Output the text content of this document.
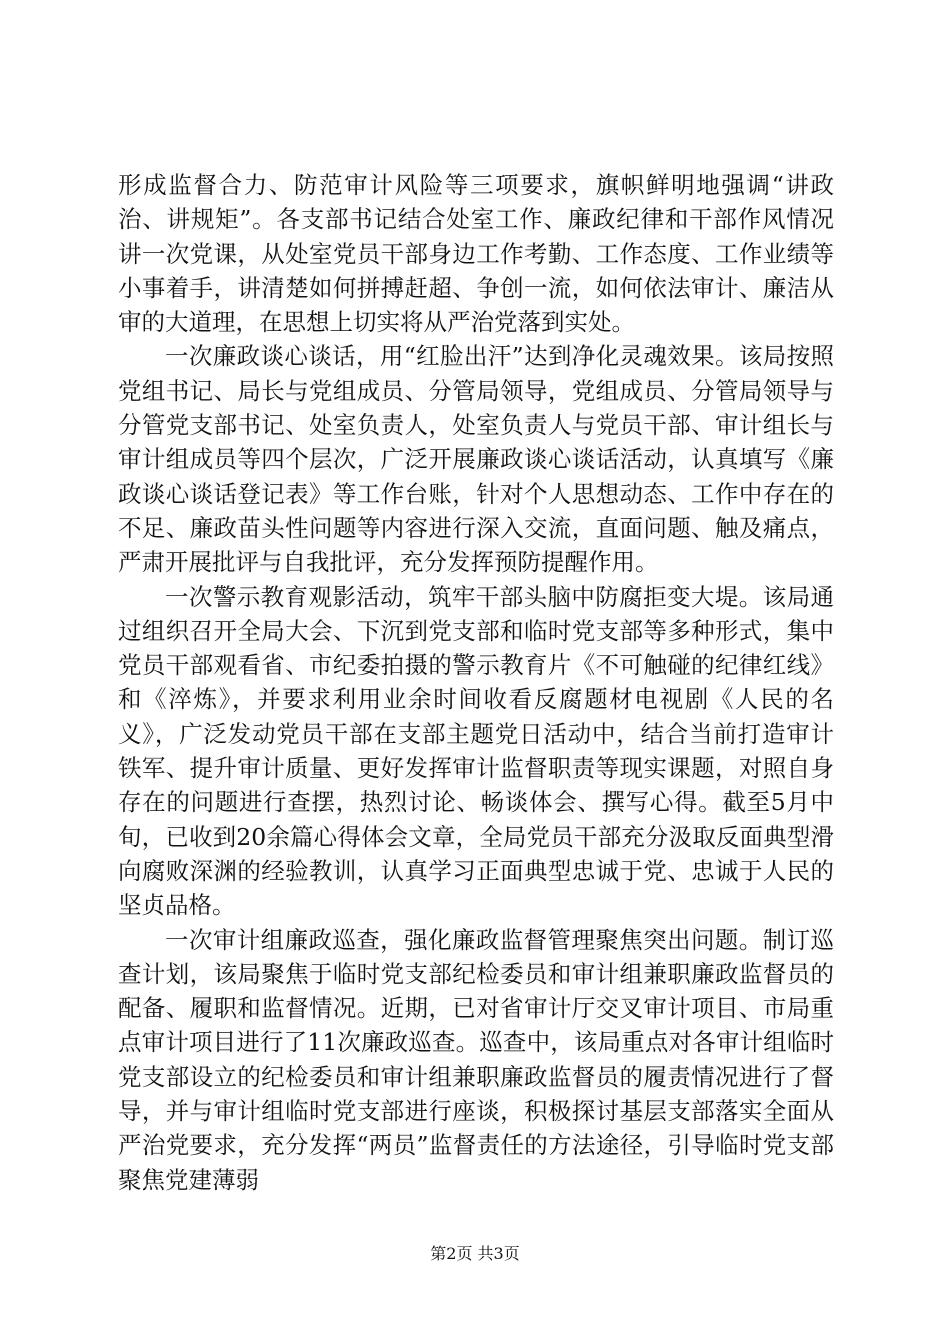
形成监督合力、防范审计风险等三项要求，旗帜鲜明地强调“讲政治、讲规矩”。各支部书记结合处室工作、廉政纪律和干部作风情况讲一次党课，从处室党员干部身边工作考勤、工作态度、工作业绩等小事着手，讲清楚如何拼搏赶超、争创一流，如何依法审计、廉洁从审的大道理，在思想上切实将从严治党落到实处。

一次廉政谈心谈话，用“红脸出汗”达到净化灵魂效果。该局按照党组书记、局长与党组成员、分管局领导，党组成员、分管局领导与分管党支部书记、处室负责人，处室负责人与党员干部、审计组长与审计组成员等四个层次，广泛开展廉政谈心谈话活动，认真填写《廉政谈心谈话登记表》等工作台账，针对个人思想动态、工作中存在的不足、廉政苗头性问题等内容进行深入交流，直面问题、触及痛点，严肃开展批评与自我批评，充分发挥预防提醒作用。

一次警示教育观影活动，筑牢干部头脑中防腐拒变大堤。该局通过组织召开全局大会、下沉到党支部和临时党支部等多种形式，集中党员干部观看省、市纪委拍摄的警示教育片《不可触碰的纪律红线》和《淬炼》，并要求利用业余时间收看反腐题材电视剧《人民的名义》，广泛发动党员干部在支部主题党日活动中，结合当前打造审计铁军、提升审计质量、更好发挥审计监督职责等现实课题，对照自身存在的问题进行查摆，热烈讨论、畅谈体会、撰写心得。截至5月中旬，已收到20余篇心得体会文章，全局党员干部充分汲取反面典型滑向腐败深渊的经验教训，认真学习正面典型忠诚于党、忠诚于人民的坚贞品格。

一次审计组廉政巡查，强化廉政监督管理聚焦突出问题。制订巡查计划，该局聚焦于临时党支部纪检委员和审计组兼职廉政监督员的配备、履职和监督情况。近期，已对省审计厅交叉审计项目、市局重点审计项目进行了11次廉政巡查。巡查中，该局重点对各审计组临时党支部设立的纪检委员和审计组兼职廉政监督员的履责情况进行了督导，并与审计组临时党支部进行座谈，积极探讨基层支部落实全面从严治党要求，充分发挥“两员”监督责任的方法途径，引导临时党支部聚焦党建薄弱

第2页 共3页
